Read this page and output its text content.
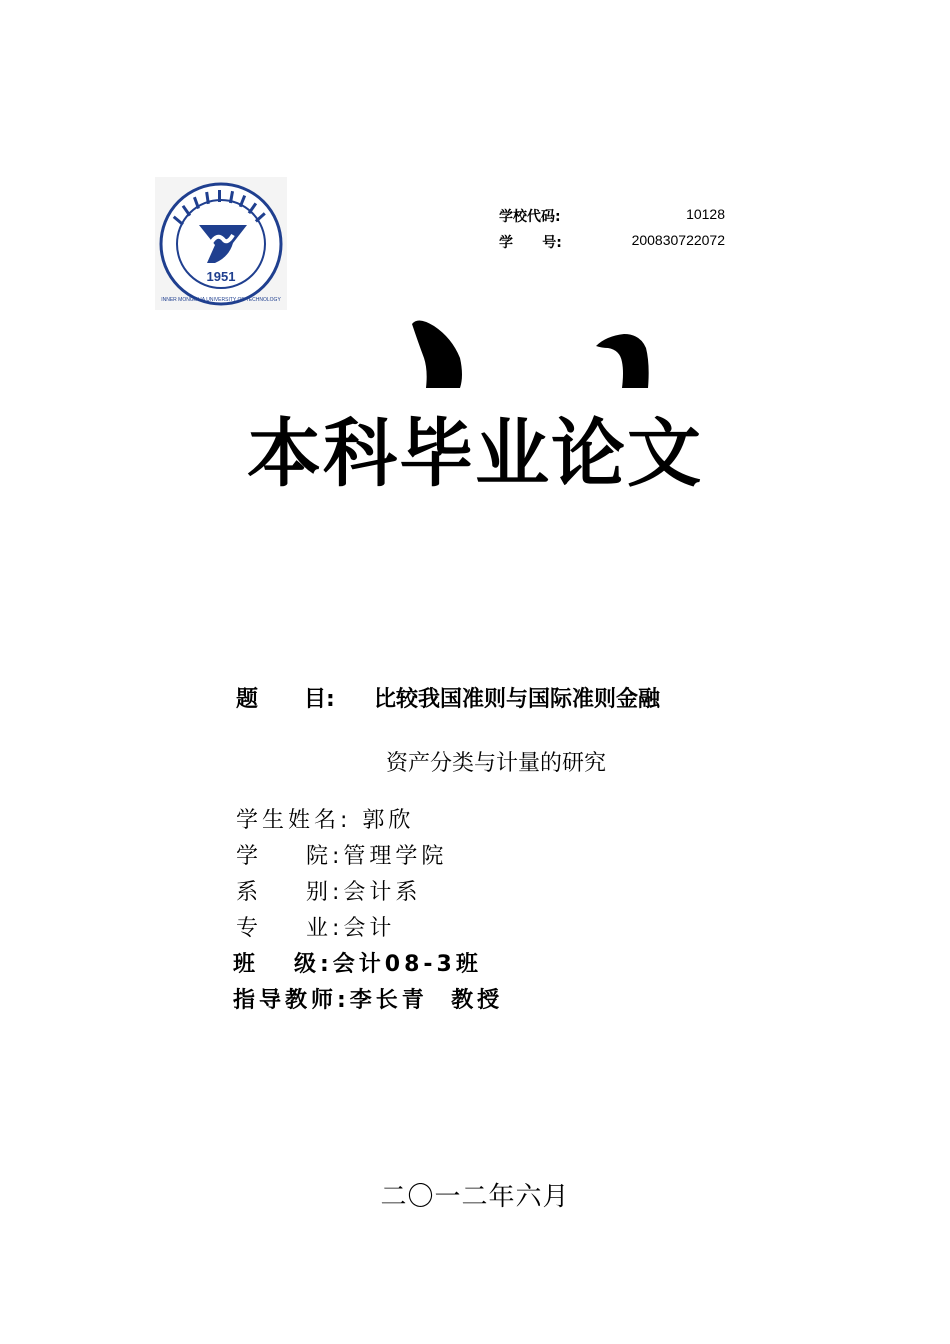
1951
INNER MONGOLIA UNIVERSITY OF TECHNOLOGY
学校代码:	10128
学      号:	200830722072
本科毕业论文
题      目: 比较我国准则与国际准则金融
资产分类与计量的研究
学生姓名: 郭欣
学    院:管理学院
系    别:会计系
专    业:会计
班   级:会计08-3班
指导教师:李长青  教授
二〇一二年六月
